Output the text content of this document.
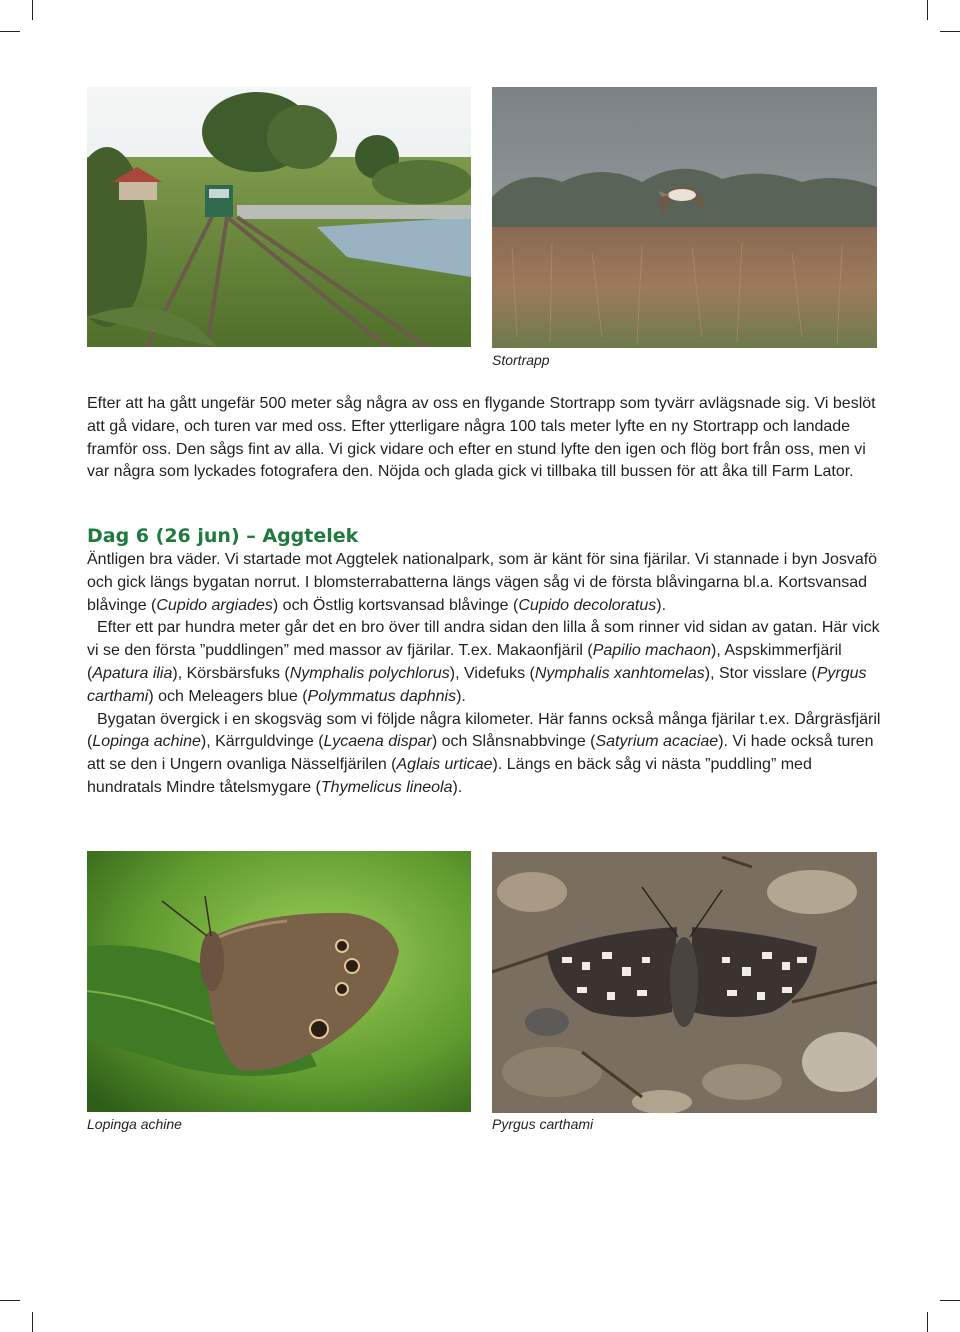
Stortrapp

Efter att ha gått ungefär 500 meter såg några av oss en flygande Stortrapp som tyvärr avlägsnade sig. Vi beslöt att gå vidare, och turen var med oss. Efter ytterligare några 100 tals meter lyfte en ny Stortrapp och landade framför oss. Den sågs fint av alla. Vi gick vidare och efter en stund lyfte den igen och flög bort från oss, men vi var några som lyckades fotografera den. Nöjda och glada gick vi tillbaka till bussen för att åka till Farm Lator.

Dag 6 (26 jun) – Aggtelek

Äntligen bra väder. Vi startade mot Aggtelek nationalpark, som är känt för sina fjärilar. Vi stannade i byn Josvafö och gick längs bygatan norrut. I blomsterrabatterna längs vägen såg vi de första blåvingarna bl.a. Kortsvansad blåvinge (Cupido argiades) och Östlig kortsvansad blåvinge (Cupido decoloratus).

Efter ett par hundra meter går det en bro över till andra sidan den lilla å som rinner vid sidan av gatan. Här vick vi se den första ”puddlingen” med massor av fjärilar. T.ex. Makaonfjäril (Papilio machaon), Aspskimmerfjäril (Apatura ilia), Körsbärsfuks (Nymphalis polychlorus), Videfuks (Nymphalis xanhtomelas), Stor visslare (Pyrgus carthami) och Meleagers blue (Polymmatus daphnis).

Bygatan övergick i en skogsväg som vi följde några kilometer. Här fanns också många fjärilar t.ex. Dårgräsfjäril (Lopinga achine), Kärrguldvinge (Lycaena dispar) och Slånsnabbvinge (Satyrium acaciae). Vi hade också turen att se den i Ungern ovanliga Nässelfjärilen (Aglais urticae). Längs en bäck såg vi nästa ”puddling” med hundratals Mindre tåtelsmygare (Thymelicus lineola).

Lopinga achine	Pyrgus carthami
